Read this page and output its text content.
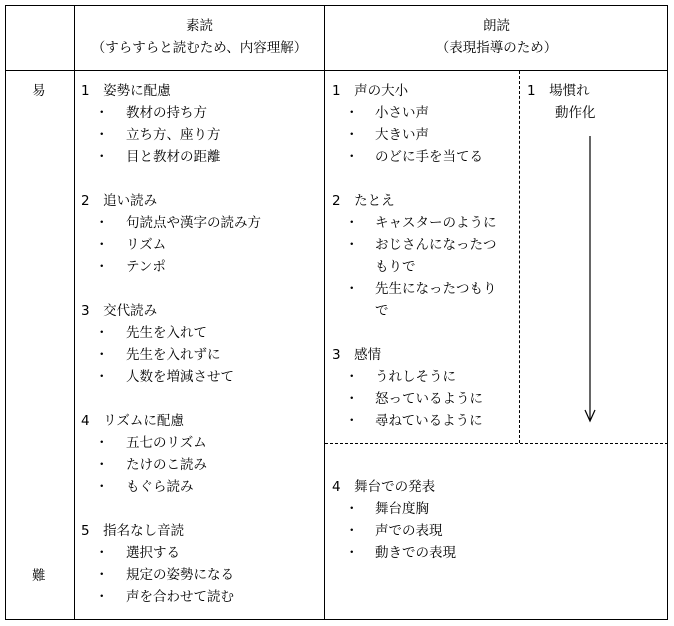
素読
（すらすらと読むため、内容理解）
朗読
（表現指導のため）
易
難
1　姿勢に配慮
・ 教材の持ち方
・ 立ち方、座り方
・ 目と教材の距離
2　追い読み
・ 句読点や漢字の読み方
・ リズム
・ テンポ
3　交代読み
・ 先生を入れて
・ 先生を入れずに
・ 人数を増減させて
4　リズムに配慮
・ 五七のリズム
・ たけのこ読み
・ もぐら読み
5　指名なし音読
・ 選択する
・ 規定の姿勢になる
・ 声を合わせて読む
1　声の大小
・ 小さい声
・ 大きい声
・ のどに手を当てる
2　たとえ
・ キャスターのように
・ おじさんになったつ
もりで
・ 先生になったつもり
で
3　感情
・ うれしそうに
・ 怒っているように
・ 尋ねているように
4　舞台での発表
・ 舞台度胸
・ 声での表現
・ 動きでの表現
1　場慣れ
動作化
